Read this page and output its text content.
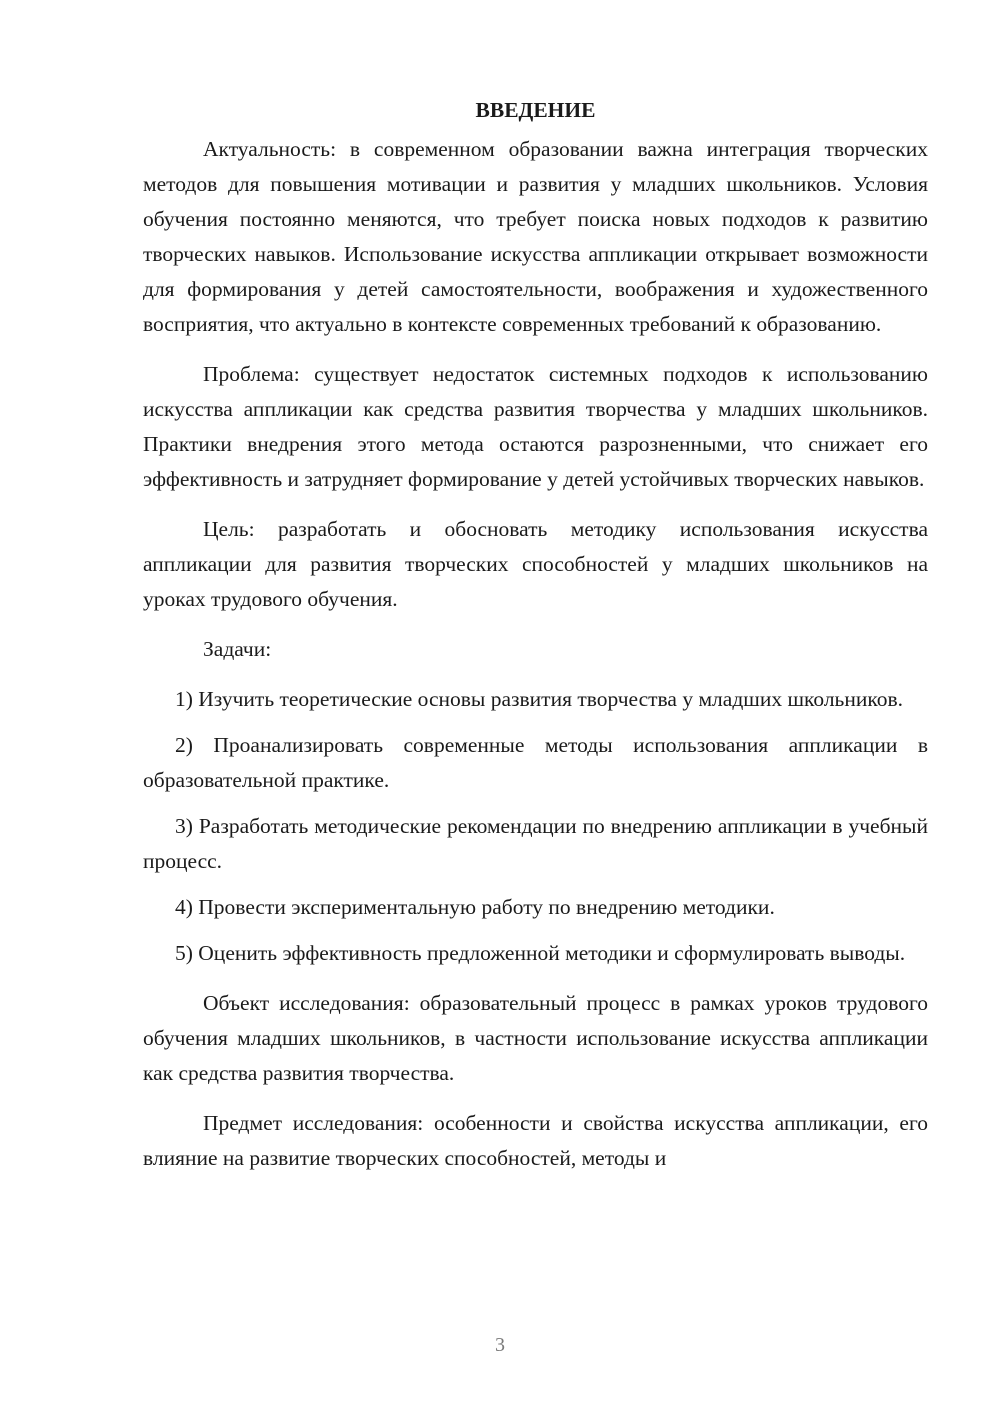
ВВЕДЕНИЕ

Актуальность: в современном образовании важна интеграция творческих методов для повышения мотивации и развития у младших школьников. Условия обучения постоянно меняются, что требует поиска новых подходов к развитию творческих навыков. Использование искусства аппликации открывает возможности для формирования у детей самостоятельности, воображения и художественного восприятия, что актуально в контексте современных требований к образованию.

Проблема: существует недостаток системных подходов к использованию искусства аппликации как средства развития творчества у младших школьников. Практики внедрения этого метода остаются разрозненными, что снижает его эффективность и затрудняет формирование у детей устойчивых творческих навыков.

Цель: разработать и обосновать методику использования искусства аппликации для развития творческих способностей у младших школьников на уроках трудового обучения.

Задачи:

1) Изучить теоретические основы развития творчества у младших школьников.

2) Проанализировать современные методы использования аппликации в образовательной практике.

3) Разработать методические рекомендации по внедрению аппликации в учебный процесс.

4) Провести экспериментальную работу по внедрению методики.

5) Оценить эффективность предложенной методики и сформулировать выводы.

Объект исследования: образовательный процесс в рамках уроков трудового обучения младших школьников, в частности использование искусства аппликации как средства развития творчества.

Предмет исследования: особенности и свойства искусства аппликации, его влияние на развитие творческих способностей, методы и

3
